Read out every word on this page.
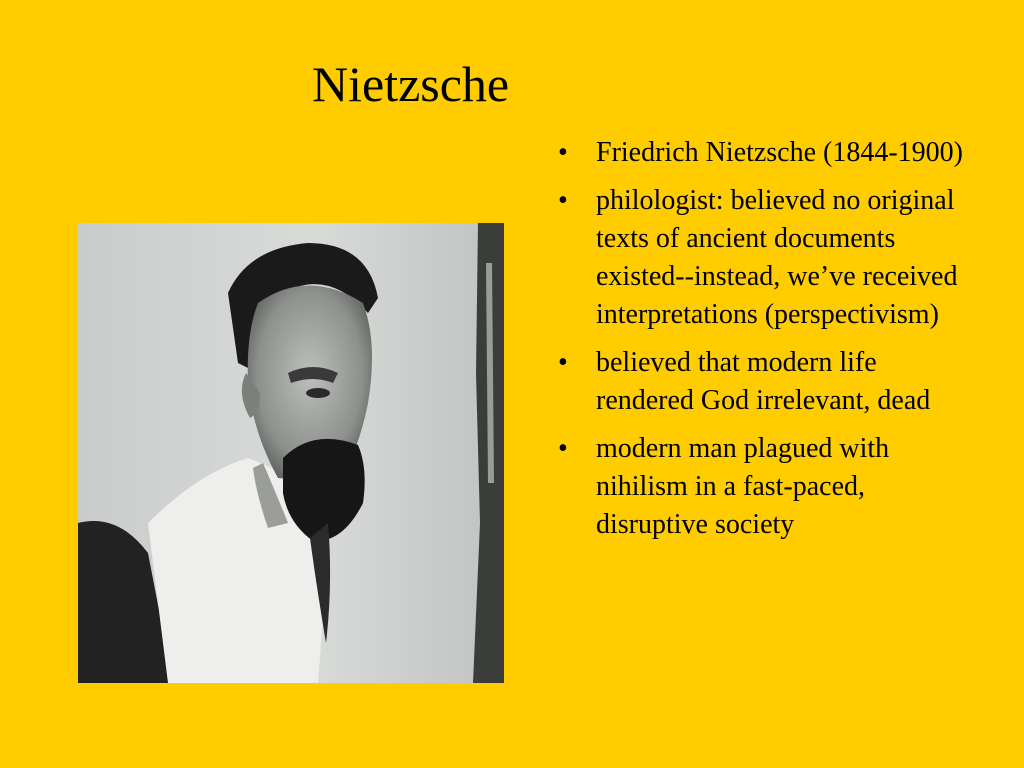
Nietzsche
• Friedrich Nietzsche (1844-1900)
• philologist: believed no original texts of ancient documents existed--instead, we’ve received interpretations (perspectivism)
• believed that modern life rendered God irrelevant, dead
• modern man plagued with nihilism in a fast-paced, disruptive society
